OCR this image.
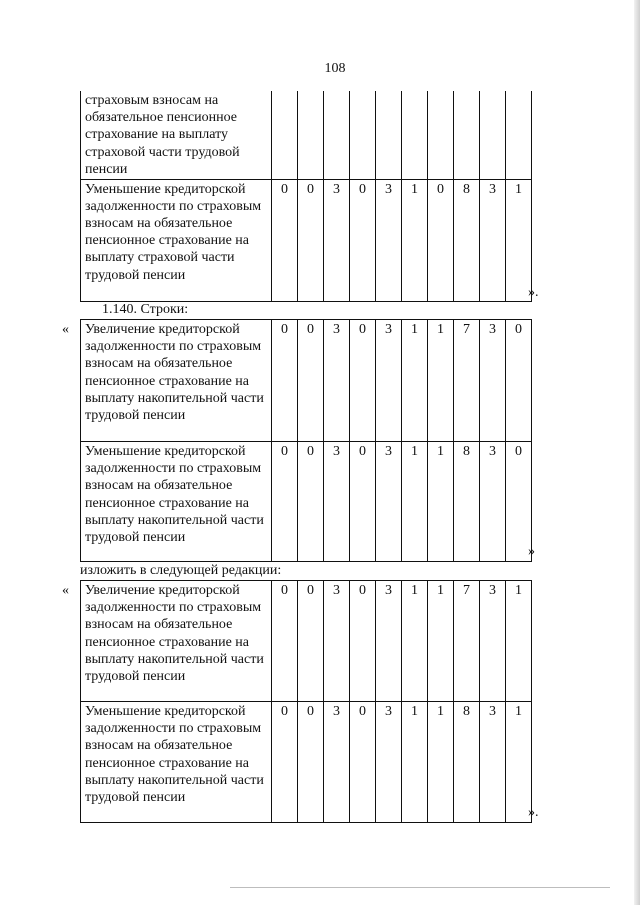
108
страховым взносам на обязательное пенсионное страхование на выплату страховой части трудовой пенсии										
Уменьшение кредиторской задолженности по страховым взносам на обязательное пенсионное страхование на выплату страховой части трудовой пенсии	0	0	3	0	3	1	0	8	3	1
».
1.140. Строки:
« Увеличение кредиторской задолженности по страховым взносам на обязательное пенсионное страхование на выплату накопительной части трудовой пенсии	0	0	3	0	3	1	1	7	3	0
Уменьшение кредиторской задолженности по страховым взносам на обязательное пенсионное страхование на выплату накопительной части трудовой пенсии	0	0	3	0	3	1	1	8	3	0
»
изложить в следующей редакции:
« Увеличение кредиторской задолженности по страховым взносам на обязательное пенсионное страхование на выплату накопительной части трудовой пенсии	0	0	3	0	3	1	1	7	3	1
Уменьшение кредиторской задолженности по страховым взносам на обязательное пенсионное страхование на выплату накопительной части трудовой пенсии	0	0	3	0	3	1	1	8	3	1
».
